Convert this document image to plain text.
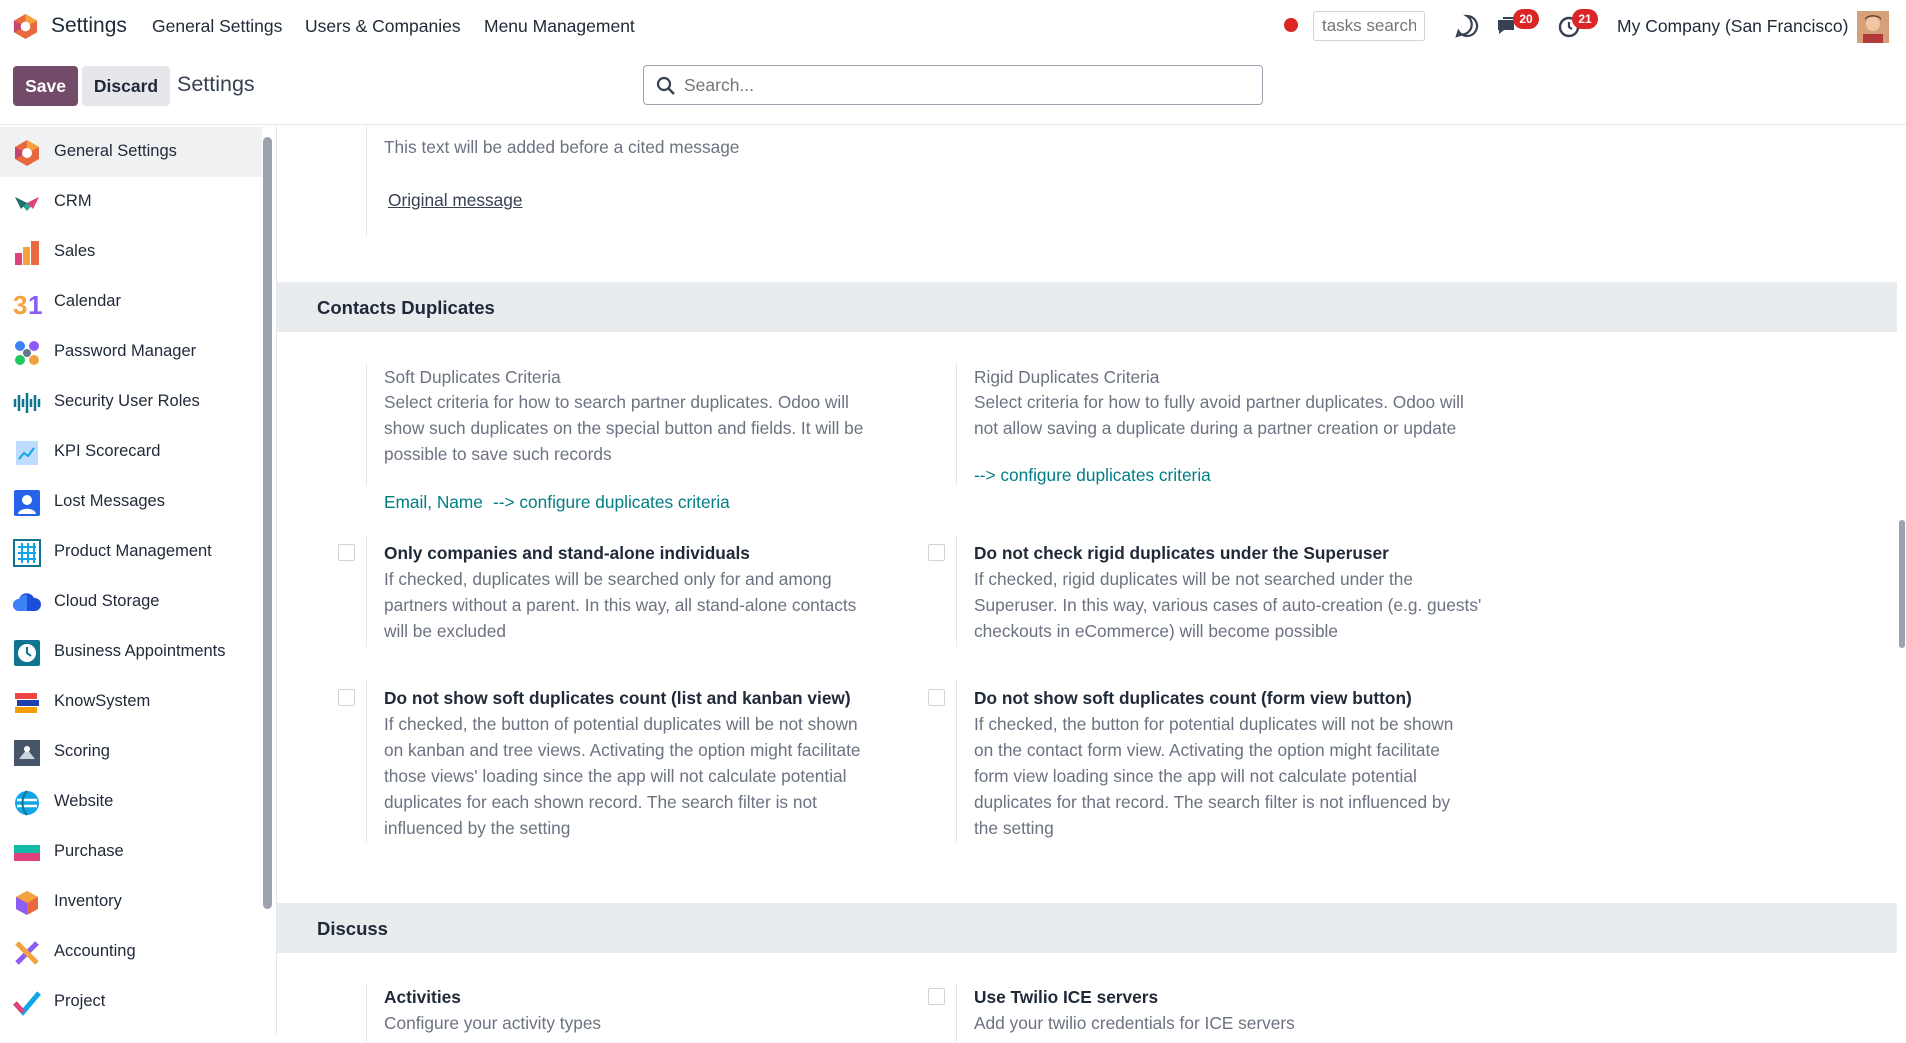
Settings General Settings Users & Companies Menu Management
tasks search	20	21	My Company (San Francisco)
Save	Discard Settings
Search...
General Settings
CRM
Sales
3 1 Calendar
Password Manager
Security User Roles
KPI Scorecard
Lost Messages
Product Management
Cloud Storage
Business Appointments
KnowSystem
Scoring
Website
Purchase
Inventory
Accounting
Project
This text will be added before a cited message
Original message
Contacts Duplicates
Soft Duplicates Criteria
Select criteria for how to search partner duplicates. Odoo will
show such duplicates on the special button and fields. It will be
possible to save such records
Email, Name --> configure duplicates criteria
Rigid Duplicates Criteria
Select criteria for how to fully avoid partner duplicates. Odoo will
not allow saving a duplicate during a partner creation or update
--> configure duplicates criteria
Only companies and stand-alone individuals
If checked, duplicates will be searched only for and among
partners without a parent. In this way, all stand-alone contacts
will be excluded
Do not check rigid duplicates under the Superuser
If checked, rigid duplicates will be not searched under the
Superuser. In this way, various cases of auto-creation (e.g. guests'
checkouts in eCommerce) will become possible
Do not show soft duplicates count (list and kanban view)
If checked, the button of potential duplicates will be not shown
on kanban and tree views. Activating the option might facilitate
those views' loading since the app will not calculate potential
duplicates for each shown record. The search filter is not
influenced by the setting
Do not show soft duplicates count (form view button)
If checked, the button for potential duplicates will not be shown
on the contact form view. Activating the option might facilitate
form view loading since the app will not calculate potential
duplicates for that record. The search filter is not influenced by
the setting
Discuss
Activities
Configure your activity types
Use Twilio ICE servers
Add your twilio credentials for ICE servers
